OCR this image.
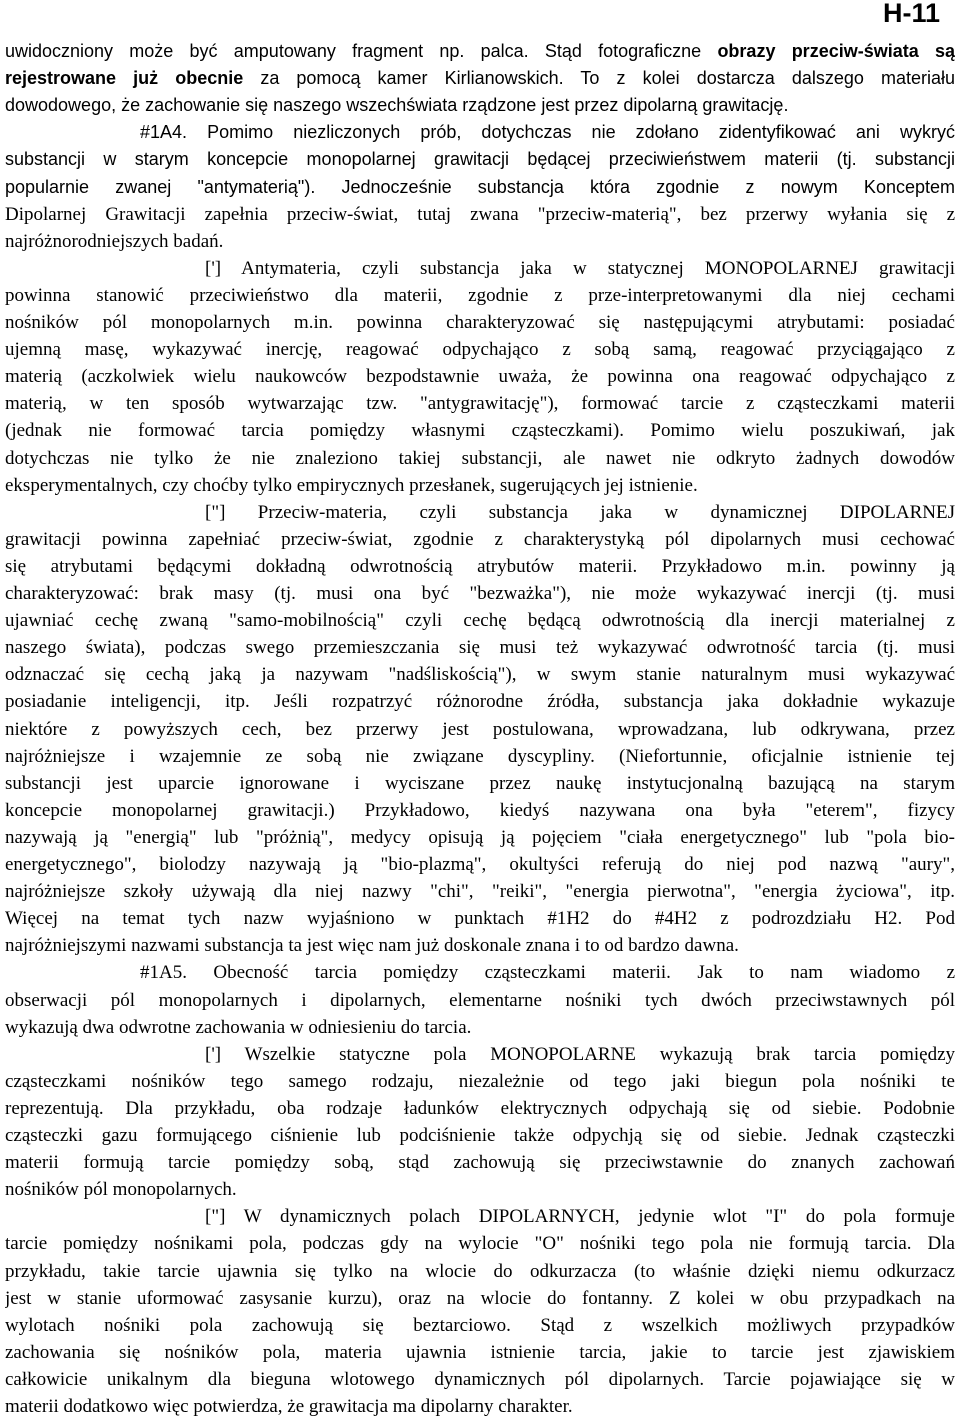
H-11
uwidoczniony może być amputowany fragment np. palca. Stąd fotograficzne obrazy przeciw-świata są
rejestrowane już obecnie za pomocą kamer Kirlianowskich. To z kolei dostarcza dalszego materiału
dowodowego, że zachowanie się naszego wszechświata rządzone jest przez dipolarną grawitację.
#1A4. Pomimo niezliczonych prób, dotychczas nie zdołano zidentyfikować ani wykryć
substancji w starym koncepcie monopolarnej grawitacji będącej przeciwieństwem materii (tj. substancji
popularnie zwanej "antymaterią"). Jednocześnie substancja która zgodnie z nowym Konceptem
Dipolarnej Grawitacji zapełnia przeciw-świat, tutaj zwana "przeciw-materią", bez przerwy wyłania się z
najróżnorodniejszych badań.
['] Antymateria, czyli substancja jaka w statycznej MONOPOLARNEJ grawitacji
powinna stanowić przeciwieństwo dla materii, zgodnie z prze-interpretowanymi dla niej cechami
nośników pól monopolarnych m.in. powinna charakteryzować się następującymi atrybutami: posiadać
ujemną masę, wykazywać inercję, reagować odpychająco z sobą samą, reagować przyciągająco z
materią (aczkolwiek wielu naukowców bezpodstawnie uważa, że powinna ona reagować odpychająco z
materią, w ten sposób wytwarzając tzw. "antygrawitację"), formować tarcie z cząsteczkami materii
(jednak nie formować tarcia pomiędzy własnymi cząsteczkami). Pomimo wielu poszukiwań, jak
dotychczas nie tylko że nie znaleziono takiej substancji, ale nawet nie odkryto żadnych dowodów
eksperymentalnych, czy choćby tylko empirycznych przesłanek, sugerujących jej istnienie.
["] Przeciw-materia, czyli substancja jaka w dynamicznej DIPOLARNEJ
grawitacji powinna zapełniać przeciw-świat, zgodnie z charakterystyką pól dipolarnych musi cechować
się atrybutami będącymi dokładną odwrotnością atrybutów materii. Przykładowo m.in. powinny ją
charakteryzować: brak masy (tj. musi ona być "bezważka"), nie może wykazywać inercji (tj. musi
ujawniać cechę zwaną "samo-mobilnością" czyli cechę będącą odwrotnością dla inercji materialnej z
naszego świata), podczas swego przemieszczania się musi też wykazywać odwrotność tarcia (tj. musi
odznaczać się cechą jaką ja nazywam "nadśliskością"), w swym stanie naturalnym musi wykazywać
posiadanie inteligencji, itp. Jeśli rozpatrzyć różnorodne źródła, substancja jaka dokładnie wykazuje
niektóre z powyższych cech, bez przerwy jest postulowana, wprowadzana, lub odkrywana, przez
najróżniejsze i wzajemnie ze sobą nie związane dyscypliny. (Niefortunnie, oficjalnie istnienie tej
substancji jest uparcie ignorowane i wyciszane przez naukę instytucjonalną bazującą na starym
koncepcie monopolarnej grawitacji.) Przykładowo, kiedyś nazywana ona była "eterem", fizycy
nazywają ją "energią" lub "próżnią", medycy opisują ją pojęciem "ciała energetycznego" lub "pola bio-
energetycznego", biolodzy nazywają ją "bio-plazmą", okultyści referują do niej pod nazwą "aury",
najróżniejsze szkoły używają dla niej nazwy "chi", "reiki", "energia pierwotna", "energia życiowa", itp.
Więcej na temat tych nazw wyjaśniono w punktach #1H2 do #4H2 z podrozdziału H2. Pod
najróżniejszymi nazwami substancja ta jest więc nam już doskonale znana i to od bardzo dawna.
#1A5. Obecność tarcia pomiędzy cząsteczkami materii. Jak to nam wiadomo z
obserwacji pól monopolarnych i dipolarnych, elementarne nośniki tych dwóch przeciwstawnych pól
wykazują dwa odwrotne zachowania w odniesieniu do tarcia.
['] Wszelkie statyczne pola MONOPOLARNE wykazują brak tarcia pomiędzy
cząsteczkami nośników tego samego rodzaju, niezależnie od tego jaki biegun pola nośniki te
reprezentują. Dla przykładu, oba rodzaje ładunków elektrycznych odpychają się od siebie. Podobnie
cząsteczki gazu formującego ciśnienie lub podciśnienie także odpychją się od siebie. Jednak cząsteczki
materii formują tarcie pomiędzy sobą, stąd zachowują się przeciwstawnie do znanych zachowań
nośników pól monopolarnych.
["] W dynamicznych polach DIPOLARNYCH, jedynie wlot "I" do pola formuje
tarcie pomiędzy nośnikami pola, podczas gdy na wylocie "O" nośniki tego pola nie formują tarcia. Dla
przykładu, takie tarcie ujawnia się tylko na wlocie do odkurzacza (to właśnie dzięki niemu odkurzacz
jest w stanie uformować zasysanie kurzu), oraz na wlocie do fontanny. Z kolei w obu przypadkach na
wylotach nośniki pola zachowują się beztarciowo. Stąd z wszelkich możliwych przypadków
zachowania się nośników pola, materia ujawnia istnienie tarcia, jakie to tarcie jest zjawiskiem
całkowicie unikalnym dla bieguna wlotowego dynamicznych pól dipolarnych. Tarcie pojawiające się w
materii dodatkowo więc potwierdza, że grawitacja ma dipolarny charakter.
